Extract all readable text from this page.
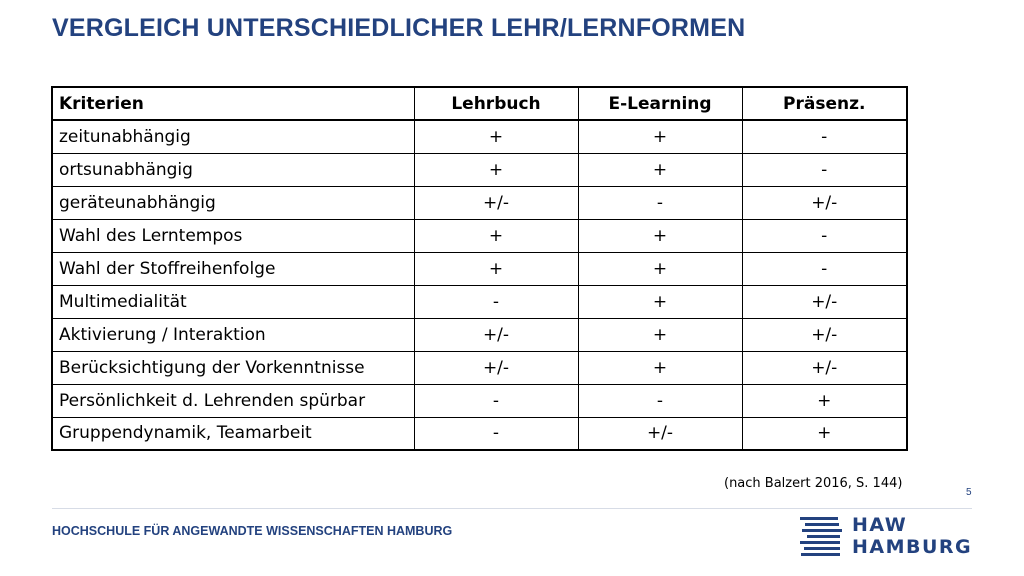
VERGLEICH UNTERSCHIEDLICHER LEHR/LERNFORMEN
Kriterien	Lehrbuch	E-Learning	Präsenz.
zeitunabhängig	+	+	-
ortsunabhängig	+	+	-
geräteunabhängig	+/-	-	+/-
Wahl des Lerntempos	+	+	-
Wahl der Stoffreihenfolge	+	+	-
Multimedialität	-	+	+/-
Aktivierung / Interaktion	+/-	+	+/-
Berücksichtigung der Vorkenntnisse	+/-	+	+/-
Persönlichkeit d. Lehrenden spürbar	-	-	+
Gruppendynamik, Teamarbeit	-	+/-	+
(nach Balzert 2016, S. 144)
5
HOCHSCHULE FÜR ANGEWANDTE WISSENSCHAFTEN HAMBURG	HAW
HAMBURG
